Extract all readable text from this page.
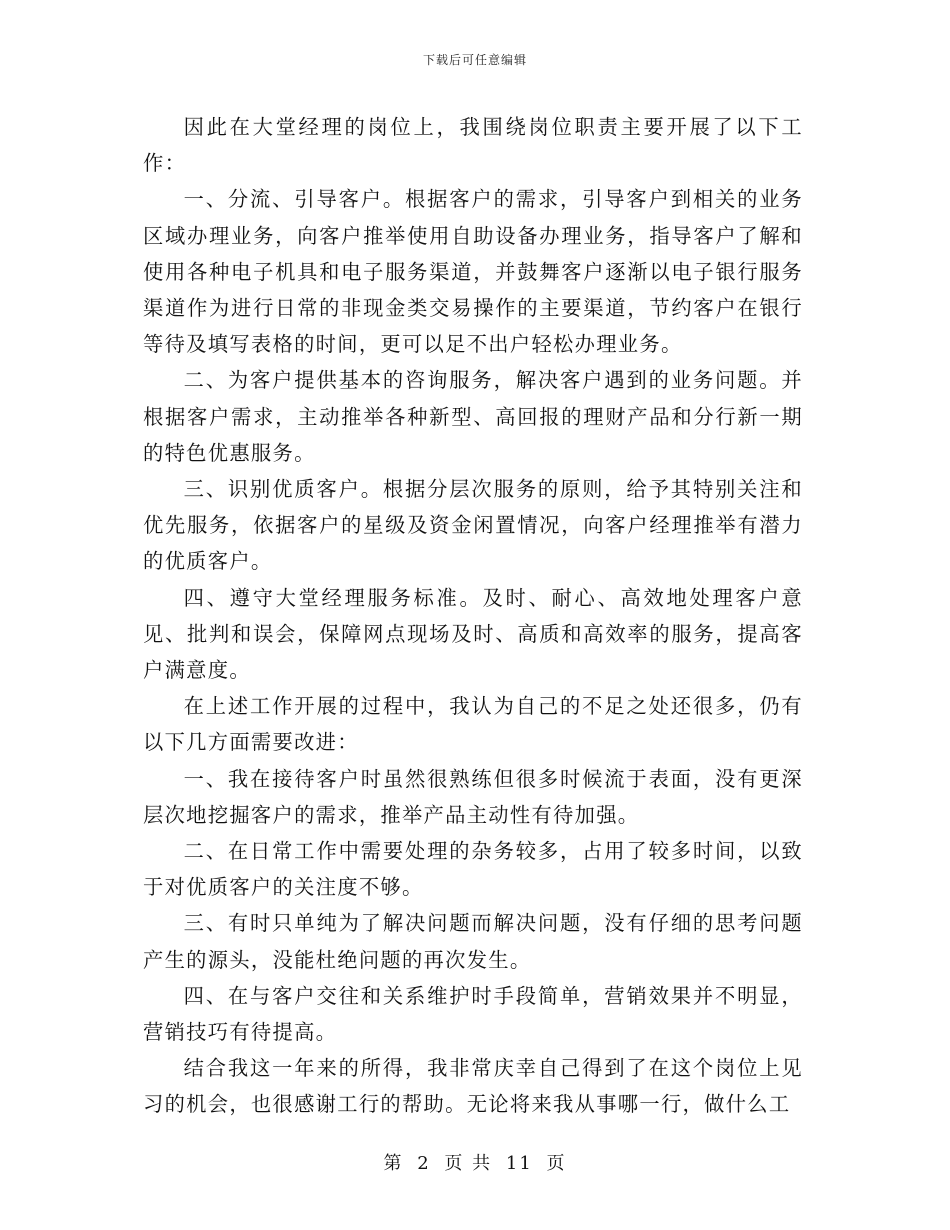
下载后可任意编辑

因此在大堂经理的岗位上，我围绕岗位职责主要开展了以下工作：

一、分流、引导客户。根据客户的需求，引导客户到相关的业务区域办理业务，向客户推举使用自助设备办理业务，指导客户了解和使用各种电子机具和电子服务渠道，并鼓舞客户逐渐以电子银行服务渠道作为进行日常的非现金类交易操作的主要渠道，节约客户在银行等待及填写表格的时间，更可以足不出户轻松办理业务。

二、为客户提供基本的咨询服务，解决客户遇到的业务问题。并根据客户需求，主动推举各种新型、高回报的理财产品和分行新一期的特色优惠服务。

三、识别优质客户。根据分层次服务的原则，给予其特别关注和优先服务，依据客户的星级及资金闲置情况，向客户经理推举有潜力的优质客户。

四、遵守大堂经理服务标准。及时、耐心、高效地处理客户意见、批判和误会，保障网点现场及时、高质和高效率的服务，提高客户满意度。

在上述工作开展的过程中，我认为自己的不足之处还很多，仍有以下几方面需要改进：

一、我在接待客户时虽然很熟练但很多时候流于表面，没有更深层次地挖掘客户的需求，推举产品主动性有待加强。

二、在日常工作中需要处理的杂务较多，占用了较多时间，以致于对优质客户的关注度不够。

三、有时只单纯为了解决问题而解决问题，没有仔细的思考问题产生的源头，没能杜绝问题的再次发生。

四、在与客户交往和关系维护时手段简单，营销效果并不明显，营销技巧有待提高。

结合我这一年来的所得，我非常庆幸自己得到了在这个岗位上见习的机会，也很感谢工行的帮助。无论将来我从事哪一行，做什么工

第 2 页 共 11 页
